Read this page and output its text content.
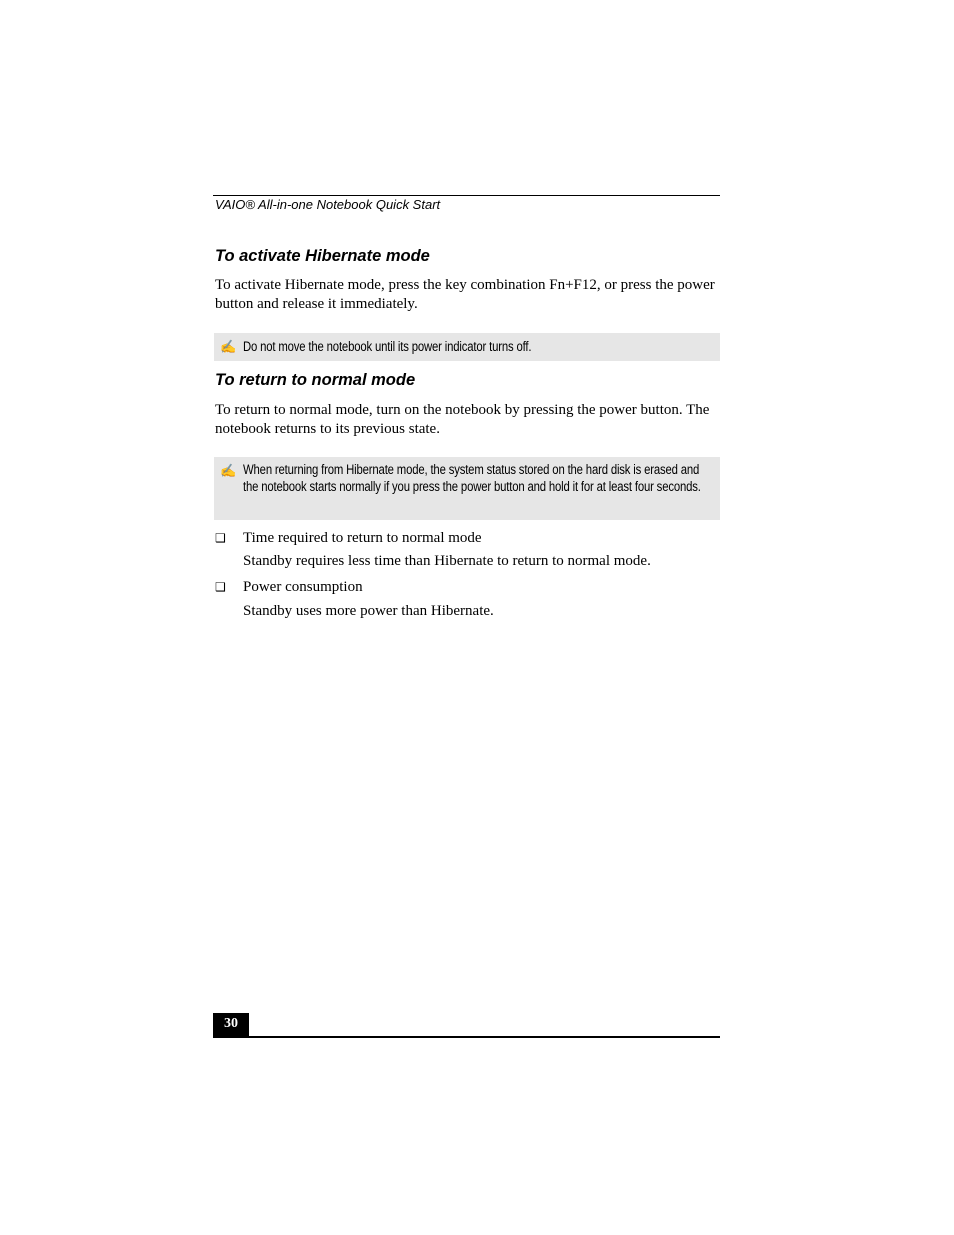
VAIO® All-in-one Notebook Quick Start
To activate Hibernate mode
To activate Hibernate mode, press the key combination Fn+F12, or press the power button and release it immediately.
✍ Do not move the notebook until its power indicator turns off.
To return to normal mode
To return to normal mode, turn on the notebook by pressing the power button. The notebook returns to its previous state.
✍ When returning from Hibernate mode, the system status stored on the hard disk is erased and the notebook starts normally if you press the power button and hold it for at least four seconds.
❑ Time required to return to normal mode
Standby requires less time than Hibernate to return to normal mode.
❑ Power consumption
Standby uses more power than Hibernate.
30
